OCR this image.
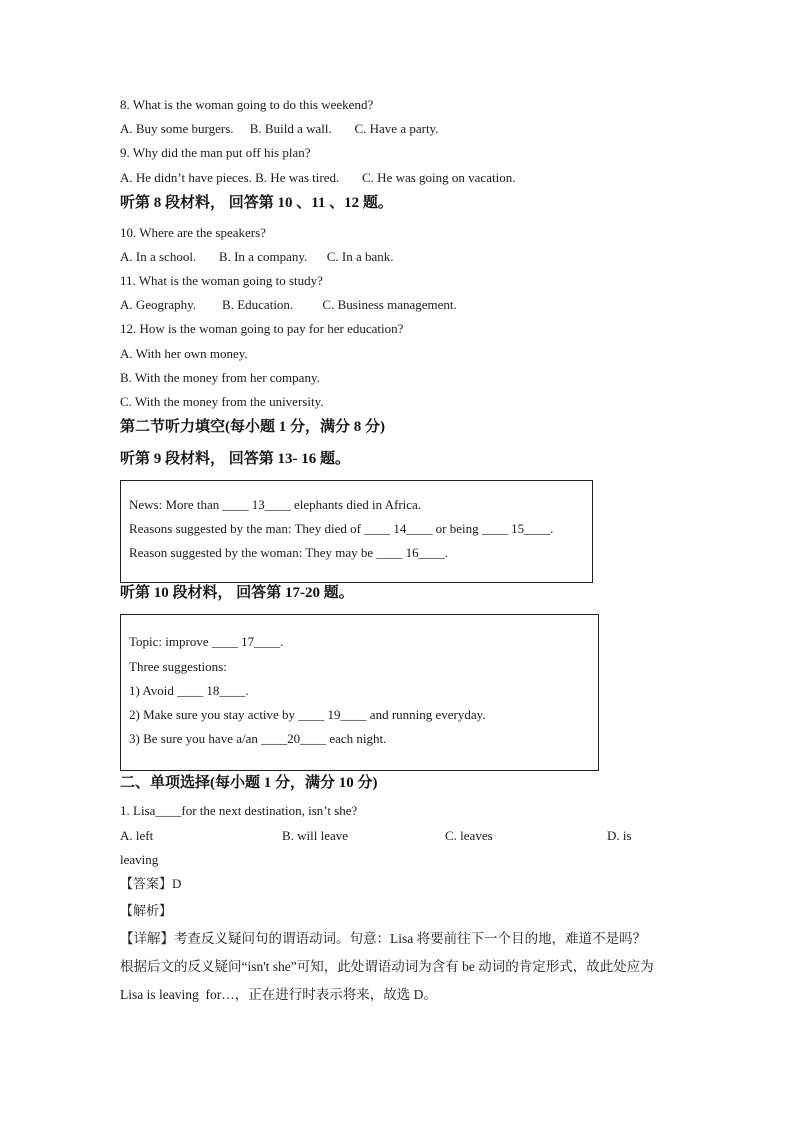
8. What is the woman going to do this weekend?
A. Buy some burgers.     B. Build a wall.       C. Have a party.
9. Why did the man put off his plan?
A. He didn’t have pieces. B. He was tired.       C. He was going on vacation.
听第 8 段材料， 回答第 10 、11 、12 题。
10. Where are the speakers?
A. In a school.       B. In a company.      C. In a bank.
11. What is the woman going to study?
A. Geography.        B. Education.         C. Business management.
12. How is the woman going to pay for her education?
A. With her own money.
B. With the money from her company.
C. With the money from the university.
第二节听力填空(每小题 1 分，满分 8 分)
听第 9 段材料， 回答第 13- 16 题。
News: More than ____ 13____ elephants died in Africa.
Reasons suggested by the man: They died of ____ 14____ or being ____ 15____.
Reason suggested by the woman: They may be ____ 16____.
听第 10 段材料， 回答第 17-20 题。
Topic: improve ____ 17____.
Three suggestions:
1) Avoid ____ 18____.
2) Make sure you stay active by ____ 19____ and running everyday.
3) Be sure you have a/an ____20____ each night.
二、单项选择(每小题 1 分，满分 10 分)
1. Lisa____for the next destination, isn’t she?
A. left	B. will leave	C. leaves	D. is
leaving
【答案】D
【解析】
【详解】考查反义疑问句的谓语动词。句意：Lisa 将要前往下一个目的地，难道不是吗？
根据后文的反义疑问“isn't she”可知，此处谓语动词为含有 be 动词的肯定形式，故此处应为
Lisa is leaving  for…，正在进行时表示将来，故选 D。
